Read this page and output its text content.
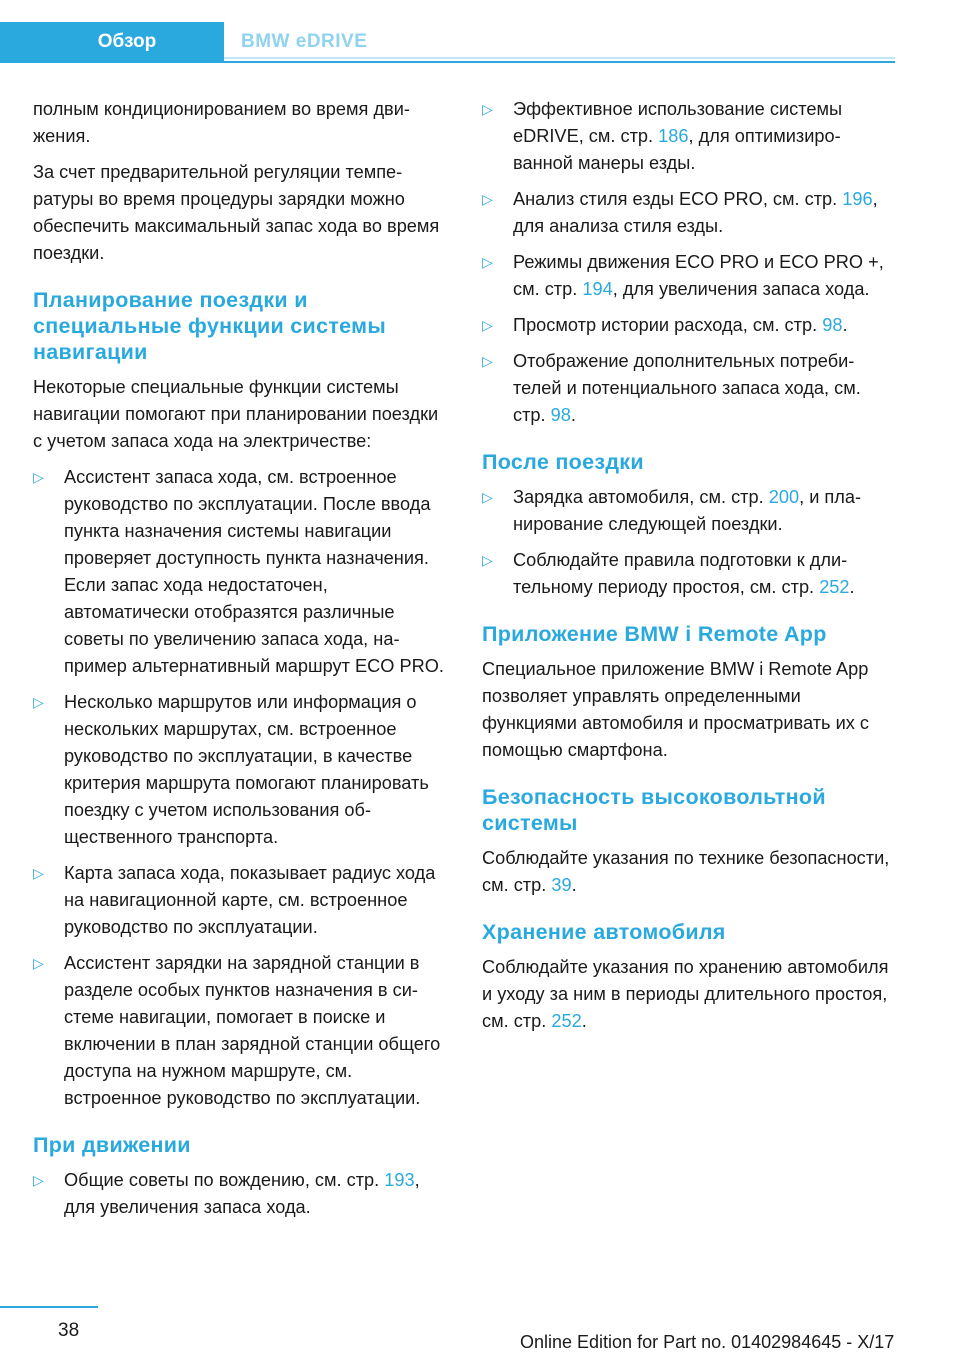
Обзор	BMW eDRIVE

полным кондиционированием во время движения.

За счет предварительной регуляции температуры во время процедуры зарядки можно обеспечить максимальный запас хода во время поездки.

Планирование поездки и специальные функции системы навигации

Некоторые специальные функции системы навигации помогают при планировании поездки с учетом запаса хода на электричестве:

▷ Ассистент запаса хода, см. встроенное руководство по эксплуатации. После ввода пункта назначения системы навигации проверяет доступность пункта назначения. Если запас хода недостаточен, автоматически отобразятся различные советы по увеличению запаса хода, например альтернативный маршрут ECO PRO.
▷ Несколько маршрутов или информация о нескольких маршрутах, см. встроенное руководство по эксплуатации, в качестве критерия маршрута помогают планировать поездку с учетом использования общественного транспорта.
▷ Карта запаса хода, показывает радиус хода на навигационной карте, см. встроенное руководство по эксплуатации.
▷ Ассистент зарядки на зарядной станции в разделе особых пунктов назначения в системе навигации, помогает в поиске и включении в план зарядной станции общего доступа на нужном маршруте, см. встроенное руководство по эксплуатации.
При движении
▷ Общие советы по вождению, см. стр. 193, для увеличения запаса хода.
▷ Эффективное использование системы eDRIVE, см. стр. 186, для оптимизированной манеры езды.
▷ Анализ стиля езды ECO PRO, см. стр. 196, для анализа стиля езды.
▷ Режимы движения ECO PRO и ECO PRO +, см. стр. 194, для увеличения запаса хода.
▷ Просмотр истории расхода, см. стр. 98.
▷ Отображение дополнительных потребителей и потенциального запаса хода, см. стр. 98.
После поездки
▷ Зарядка автомобиля, см. стр. 200, и планирование следующей поездки.
▷ Соблюдайте правила подготовки к длительному периоду простоя, см. стр. 252.
Приложение BMW i Remote App

Специальное приложение BMW i Remote App позволяет управлять определенными функциями автомобиля и просматривать их с помощью смартфона.

Безопасность высоковольтной системы

Соблюдайте указания по технике безопасности, см. стр. 39.

Хранение автомобиля

Соблюдайте указания по хранению автомобиля и уходу за ним в периоды длительного простоя, см. стр. 252.

38
Online Edition for Part no. 01402984645 - X/17
